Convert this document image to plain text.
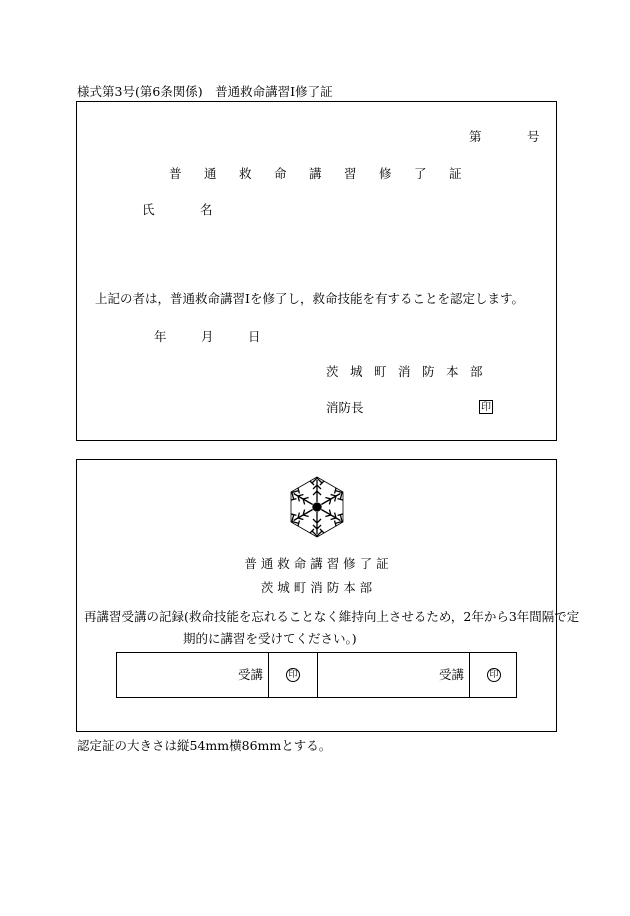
様式第3号(第6条関係)　普通救命講習Ⅰ修了証
第	号
普 通 救 命 講 習 修 了 証
氏	名
上記の者は，普通救命講習Ⅰを修了し，救命技能を有することを認定します。
年	月	日
茨 城 町 消 防 本 部
消防長	印
普 通 救 命 講 習 修 了 証
茨 城 町 消 防 本 部
再講習受講の記録(救命技能を忘れることなく維持向上させるため，2年から3年間隔で定
期的に講習を受けてください。)
受講	印	受講	印
認定証の大きさは縦54mm横86mmとする。
